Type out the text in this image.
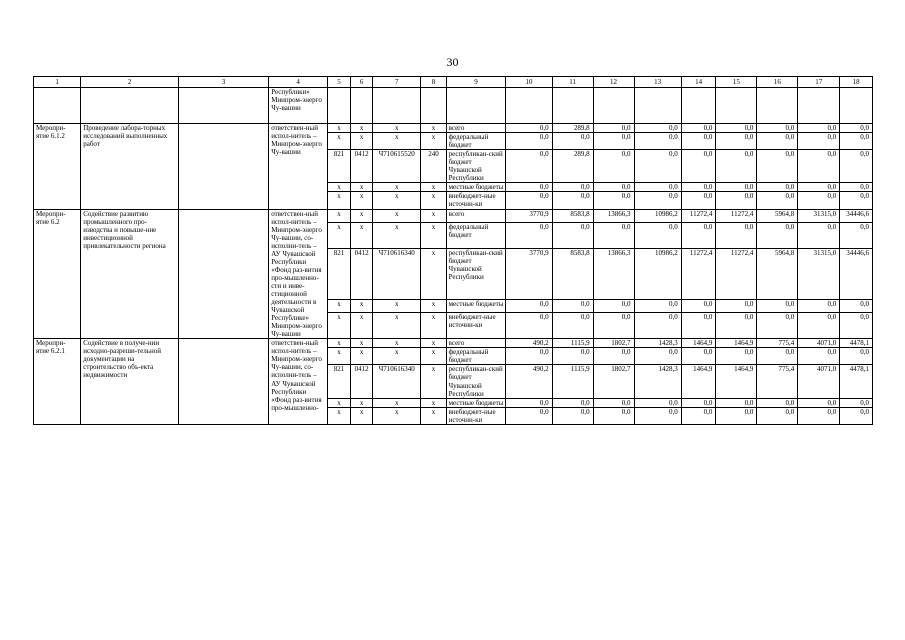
30
1	2	3	4	5	6	7	8	9	10	11	12	13	14	15	16	17	18
			Республики» Минпром-энерго Чу-вашии														
Меропри-ятие 6.1.2	Проведение лабора-торных исследований выполненных работ		ответствен-ный испол-нитель – Минпром-энерго Чу-вашии	х	х	х	х	всего	0,0	289,8	0,0	0,0	0,0	0,0	0,0	0,0	0,0
				х	х	х	х	федеральный бюджет	0,0	0,0	0,0	0,0	0,0	0,0	0,0	0,0	0,0
				821	0412	Ч710615520	240	республикан-ский бюджет Чувашской Республики	0,0	289,8	0,0	0,0	0,0	0,0	0,0	0,0	0,0
				х	х	х	х	местные бюджеты	0,0	0,0	0,0	0,0	0,0	0,0	0,0	0,0	0,0
				х	х	х	х	внебюджет-ные источни-ки	0,0	0,0	0,0	0,0	0,0	0,0	0,0	0,0	0,0
Меропри-ятие 6.2	Содействие развитию промышленного про-изводства и повыше-ние инвестиционной привлекательности региона		ответствен-ный испол-нитель – Минпром-энерго Чу-вашии, со-исполни-тель – АУ Чувашской Республики «Фонд раз-вития про-мышленно-сти и инве-стиционной деятельности в Чувашской Республике» Минпром-энерго Чу-вашии	х	х	х	х	всего	3770,9	8583,8	13866,3	10986,2	11272,4	11272,4	5964,8	31315,0	34446,6
				х	х	х	х	федеральный бюджет	0,0	0,0	0,0	0,0	0,0	0,0	0,0	0,0	0,0
				821	0412	Ч710616340	х	республикан-ский бюджет Чувашской Республики	3770,9	8583,8	13866,3	10986,2	11272,4	11272,4	5964,8	31315,0	34446,6
				х	х	х	х	местные бюджеты	0,0	0,0	0,0	0,0	0,0	0,0	0,0	0,0	0,0
				х	х	х	х	внебюджет-ные источни-ки	0,0	0,0	0,0	0,0	0,0	0,0	0,0	0,0	0,0
Меропри-ятие 6.2.1	Содействие в получе-нии исходно-разреши-тельной документации на строительство объ-екта недвижимости		ответствен-ный испол-нитель – Минпром-энерго Чу-вашии, со-исполни-тель – АУ Чувашской Республики «Фонд раз-вития про-мышленно-	х	х	х	х	всего	490,2	1115,9	1802,7	1428,3	1464,9	1464,9	775,4	4071,0	4478,1
				х	х	х	х	федеральный бюджет	0,0	0,0	0,0	0,0	0,0	0,0	0,0	0,0	0,0
				821	0412	Ч710616340	х	республикан-ский бюджет Чувашской Республики	490,2	1115,9	1802,7	1428,3	1464,9	1464,9	775,4	4071,0	4478,1
				х	х	х	х	местные бюджеты	0,0	0,0	0,0	0,0	0,0	0,0	0,0	0,0	0,0
				х	х	х	х	внебюджет-ные источни-ки	0,0	0,0	0,0	0,0	0,0	0,0	0,0	0,0	0,0
